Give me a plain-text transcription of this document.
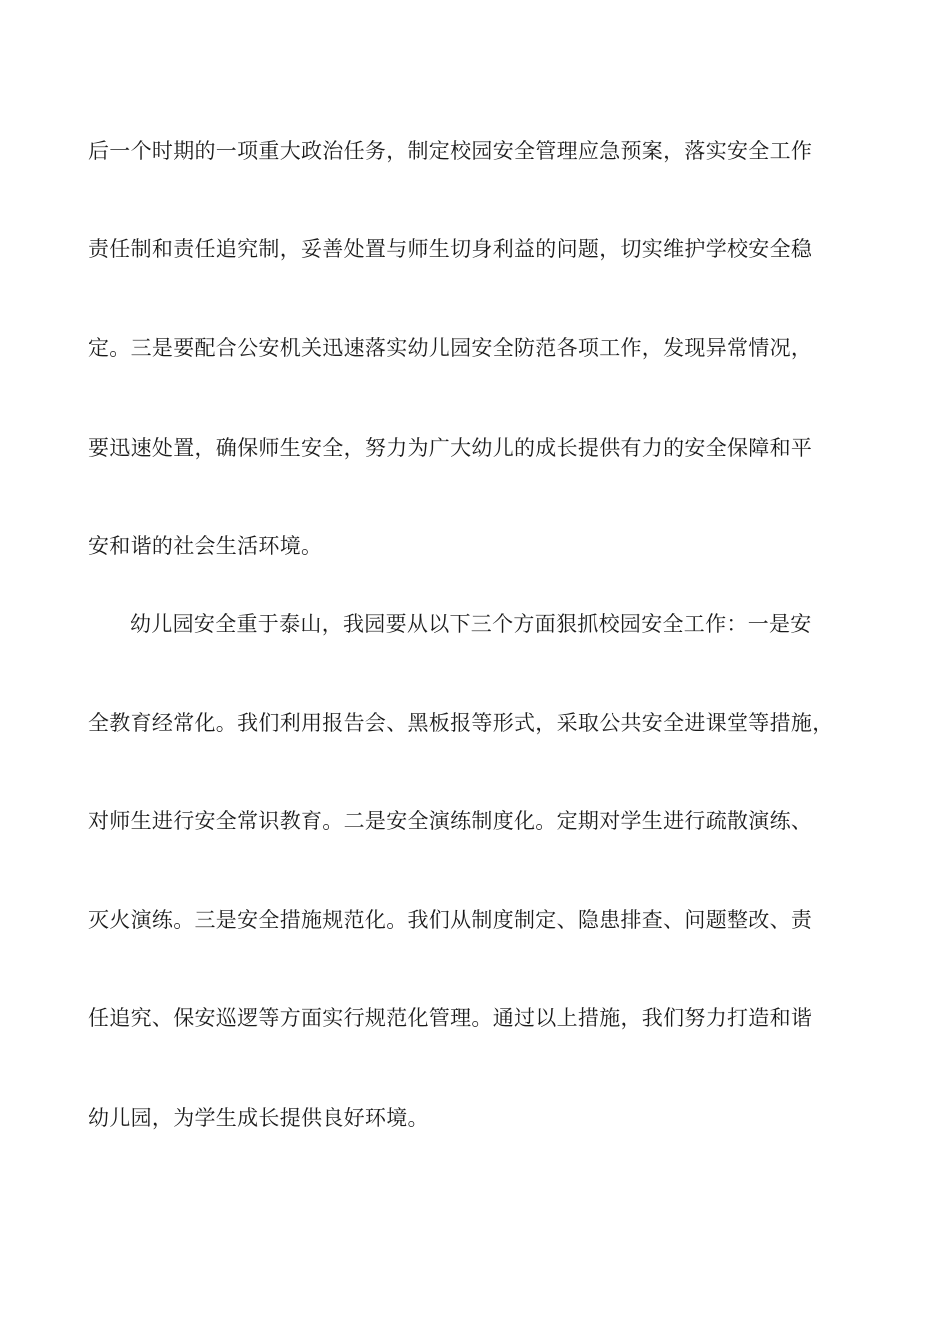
后一个时期的一项重大政治任务，制定校园安全管理应急预案，落实安全工作
责任制和责任追究制，妥善处置与师生切身利益的问题，切实维护学校安全稳
定。三是要配合公安机关迅速落实幼儿园安全防范各项工作，发现异常情况，
要迅速处置，确保师生安全，努力为广大幼儿的成长提供有力的安全保障和平
安和谐的社会生活环境。
幼儿园安全重于泰山，我园要从以下三个方面狠抓校园安全工作：一是安
全教育经常化。我们利用报告会、黑板报等形式，采取公共安全进课堂等措施，
对师生进行安全常识教育。二是安全演练制度化。定期对学生进行疏散演练、
灭火演练。三是安全措施规范化。我们从制度制定、隐患排查、问题整改、责
任追究、保安巡逻等方面实行规范化管理。通过以上措施，我们努力打造和谐
幼儿园，为学生成长提供良好环境。
